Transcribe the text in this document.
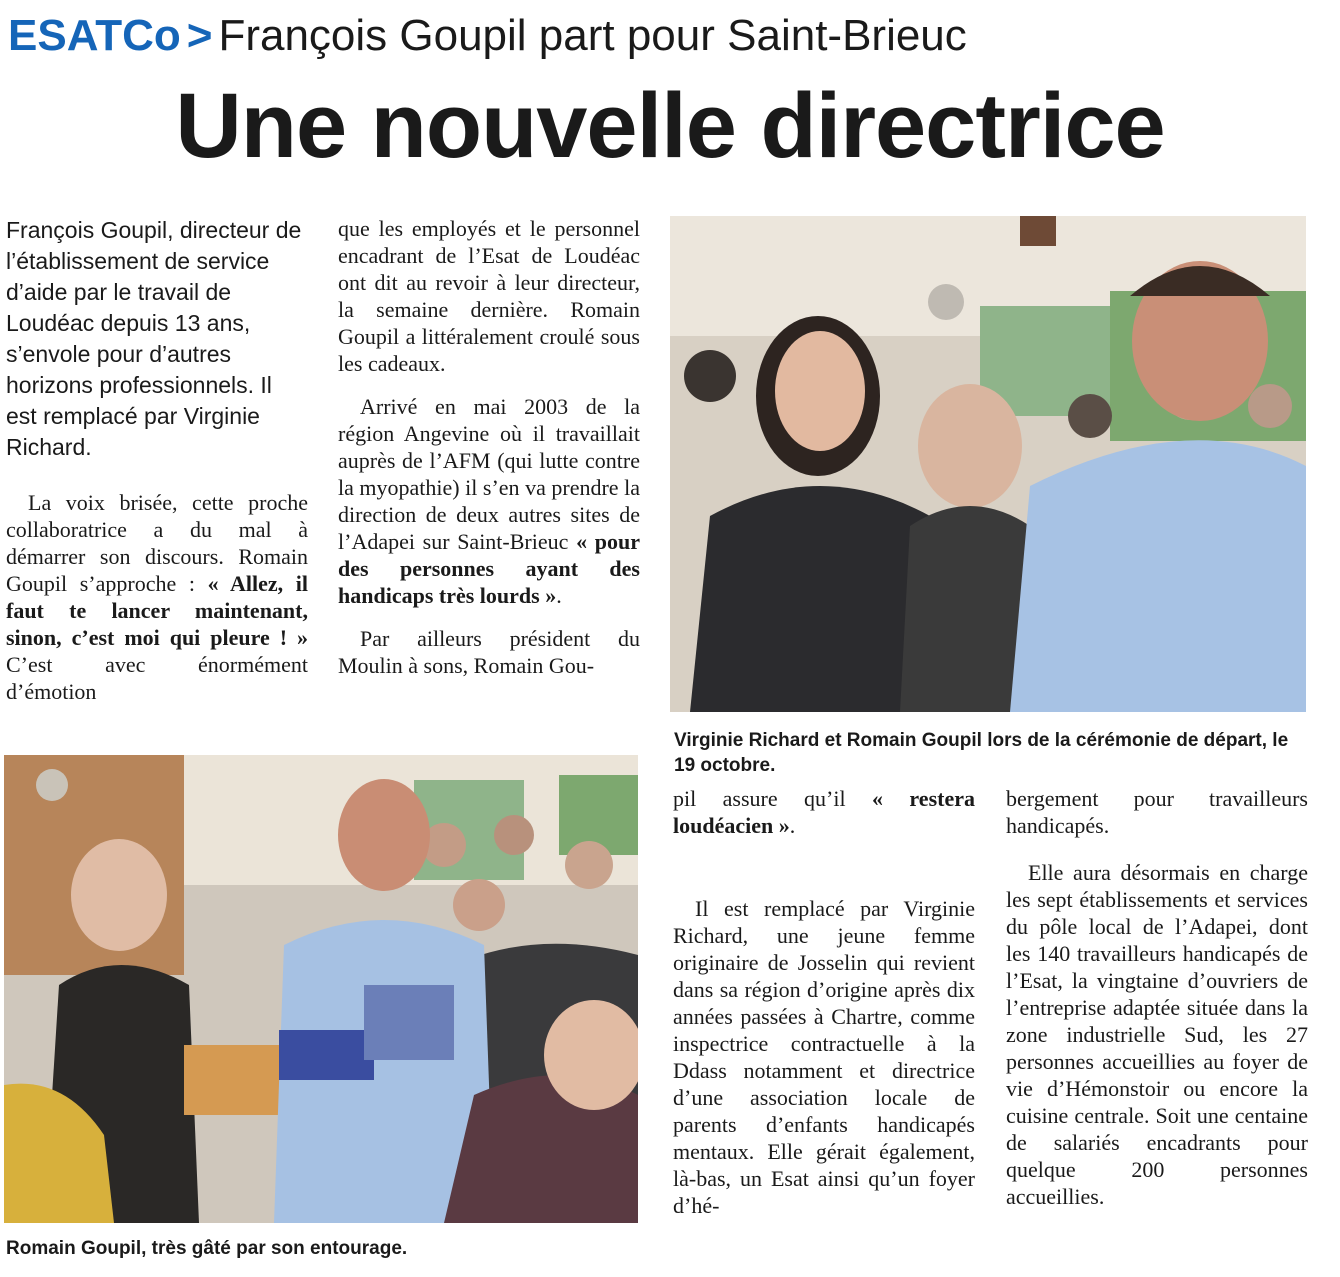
ESATCo > François Goupil part pour Saint-Brieuc
Une nouvelle directrice

François Goupil, directeur de l’établissement de service d’aide par le travail de Loudéac depuis 13 ans, s’envole pour d’autres horizons professionnels. Il est remplacé par Virginie Richard.

La voix brisée, cette proche collaboratrice a du mal à démarrer son discours. Romain Goupil s’approche : « Allez, il faut te lancer maintenant, sinon, c’est moi qui pleure ! » C’est avec énormément d’émotion

que les employés et le personnel encadrant de l’Esat de Loudéac ont dit au revoir à leur directeur, la semaine dernière. Romain Goupil a littéralement croulé sous les cadeaux.

Arrivé en mai 2003 de la région Angevine où il travaillait auprès de l’AFM (qui lutte contre la myopathie) il s’en va prendre la direction de deux autres sites de l’Adapei sur Saint-Brieuc « pour des personnes ayant des handicaps très lourds ».

Par ailleurs président du Moulin à sons, Romain Gou-

Virginie Richard et Romain Goupil lors de la cérémonie de départ, le 19 octobre.
Romain Goupil, très gâté par son entourage.

pil assure qu’il « restera loudéacien ».

Il est remplacé par Virginie Richard, une jeune femme originaire de Josselin qui revient dans sa région d’origine après dix années passées à Chartre, comme inspectrice contractuelle à la Ddass notamment et directrice d’une association locale de parents d’enfants handicapés mentaux. Elle gérait également, là-bas, un Esat ainsi qu’un foyer d’hé-

bergement pour travailleurs handicapés.

Elle aura désormais en charge les sept établissements et services du pôle local de l’Adapei, dont les 140 travailleurs handicapés de l’Esat, la vingtaine d’ouvriers de l’entreprise adaptée située dans la zone industrielle Sud, les 27 personnes accueillies au foyer de vie d’Hémonstoir ou encore la cuisine centrale. Soit une centaine de salariés encadrants pour quelque 200 personnes accueillies.
